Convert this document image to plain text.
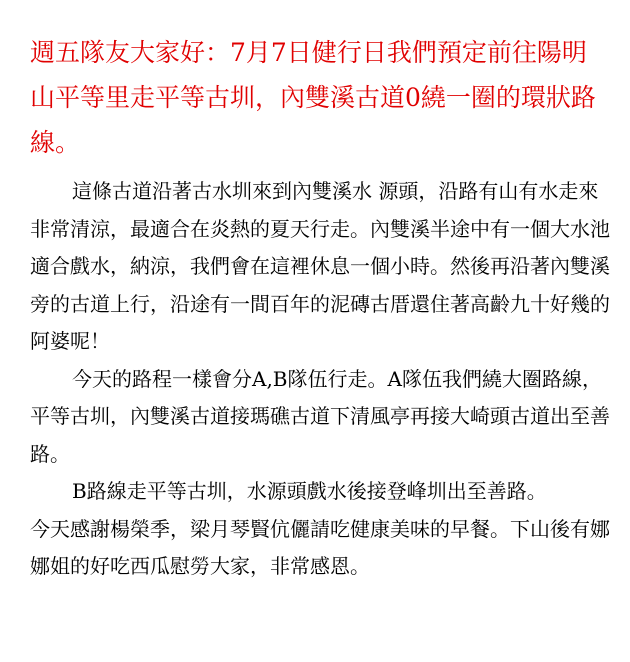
週五隊友大家好：7月7日健行日我們預定前往陽明山平等里走平等古圳，內雙溪古道0繞一圈的環狀路線。

這條古道沿著古水圳來到內雙溪水 源頭，沿路有山有水走來非常清涼，最適合在炎熱的夏天行走。內雙溪半途中有一個大水池適合戲水，納涼，我們會在這裡休息一個小時。然後再沿著內雙溪旁的古道上行，沿途有一間百年的泥磚古厝還住著高齡九十好幾的阿婆呢！

今天的路程一樣會分A,B隊伍行走。A隊伍我們繞大圈路線，平等古圳，內雙溪古道接瑪礁古道下清風亭再接大崎頭古道出至善路。

B路線走平等古圳，水源頭戲水後接登峰圳出至善路。

今天感謝楊榮季，梁月琴賢伉儷請吃健康美味的早餐。下山後有娜娜姐的好吃西瓜慰勞大家，非常感恩。
